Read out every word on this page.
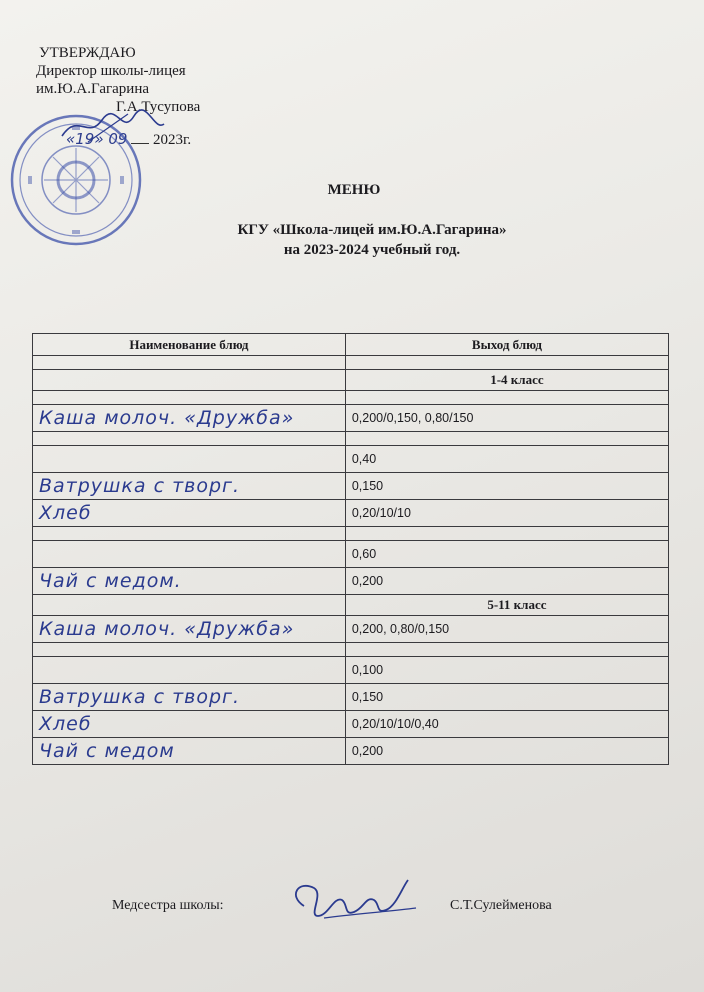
УТВЕРЖДАЮ
Директор школы-лицея
им.Ю.А.Гагарина
Г.А.Тусупова
«19» 09 2023г.
МЕНЮ
КГУ «Школа-лицей им.Ю.А.Гагарина»
на 2023-2024 учебный год.
Наименование блюд	Выход блюд

	1-4 класс

Каша молоч. «Дружба»	0,200/0,150, 0,80/150

	0,40
Ватрушка с творг.	0,150
Хлеб	0,20/10/10

	0,60
Чай с медом.	0,200
	5-11 класс
Каша молоч. «Дружба»	0,200, 0,80/0,150

	0,100
Ватрушка с творг.	0,150
Хлеб	0,20/10/10/0,40
Чай с медом	0,200
Медсестра школы:	С.Т.Сулейменова
